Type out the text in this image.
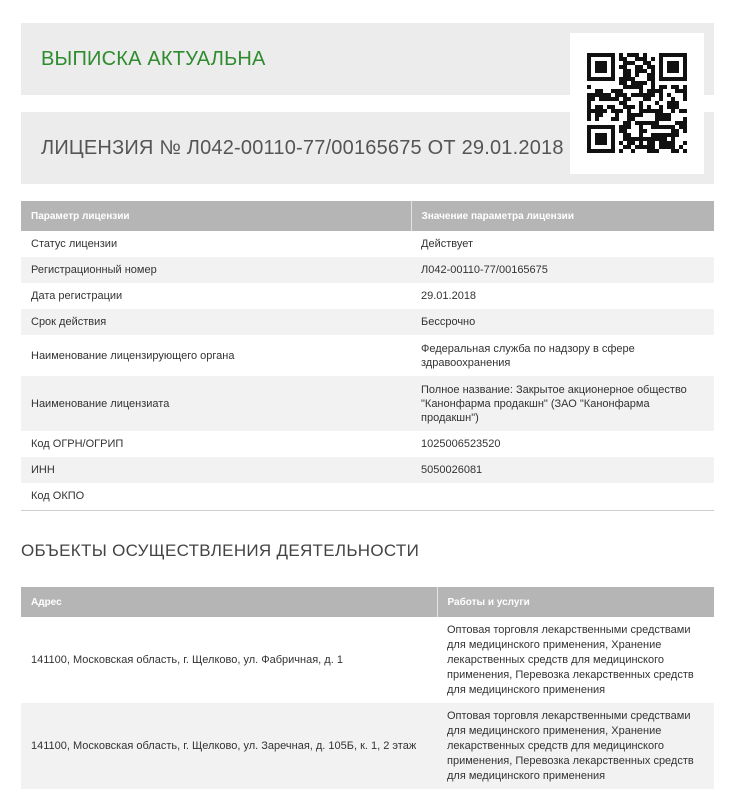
ВЫПИСКА АКТУАЛЬНА
ЛИЦЕНЗИЯ № Л042-00110-77/00165675 ОТ 29.01.2018
Параметр лицензии	Значение параметра лицензии
Статус лицензии	Действует
Регистрационный номер	Л042-00110-77/00165675
Дата регистрации	29.01.2018
Срок действия	Бессрочно
Наименование лицензирующего органа	Федеральная служба по надзору в сфере здравоохранения
Наименование лицензиата	Полное название: Закрытое акционерное общество "Канонфарма продакшн" (ЗАО "Канонфарма продакшн")
Код ОГРН/ОГРИП	1025006523520
ИНН	5050026081
Код ОКПО	
ОБЪЕКТЫ ОСУЩЕСТВЛЕНИЯ ДЕЯТЕЛЬНОСТИ
Адрес	Работы и услуги
141100, Московская область, г. Щелково, ул. Фабричная, д. 1	Оптовая торговля лекарственными средствами для медицинского применения, Хранение лекарственных средств для медицинского применения, Перевозка лекарственных средств для медицинского применения
141100, Московская область, г. Щелково, ул. Заречная, д. 105Б, к. 1, 2 этаж	Оптовая торговля лекарственными средствами для медицинского применения, Хранение лекарственных средств для медицинского применения, Перевозка лекарственных средств для медицинского применения
